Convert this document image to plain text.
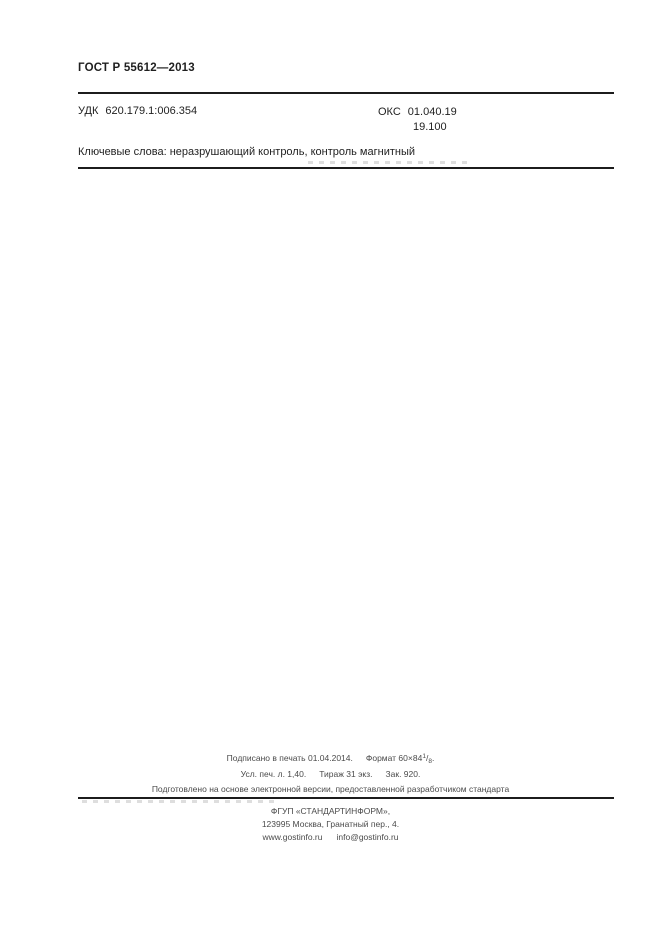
ГОСТ Р 55612—2013
УДК 620.179.1:006.354	ОКС 01.040.19
19.100
Ключевые слова: неразрушающий контроль, контроль магнитный
Подписано в печать 01.04.2014. Формат $60\times 84^1/8$.
Усл. печ. л. 1,40. Тираж 31 экз. Зак. 920.
Подготовлено на основе электронной версии, предоставленной разработчиком стандарта
ФГУП «СТАНДАРТИНФОРМ»,
123995 Москва, Гранатный пер., 4.
www.gostinfo.ru info@gostinfo.ru
